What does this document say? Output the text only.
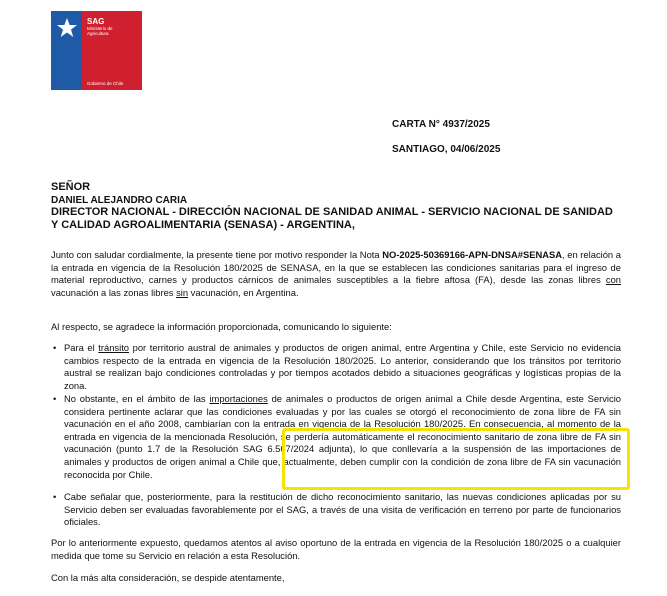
SAG
Ministerio de
Agricultura
Gobierno de Chile
CARTA N° 4937/2025
SANTIAGO, 04/06/2025
SEÑOR
DANIEL ALEJANDRO CARIA
DIRECTOR NACIONAL - DIRECCIÓN NACIONAL DE SANIDAD ANIMAL - SERVICIO NACIONAL DE SANIDAD Y CALIDAD AGROALIMENTARIA (SENASA) - ARGENTINA,
Junto con saludar cordialmente, la presente tiene por motivo responder la Nota NO-2025-50369166-APN-DNSA#SENASA, en relación a la entrada en vigencia de la Resolución 180/2025 de SENASA, en la que se establecen las condiciones sanitarias para el ingreso de material reproductivo, carnes y productos cárnicos de animales susceptibles a la fiebre aftosa (FA), desde las zonas libres con vacunación a las zonas libres sin vacunación, en Argentina.
Al respecto, se agradece la información proporcionada, comunicando lo siguiente:
• Para el tránsito por territorio austral de animales y productos de origen animal, entre Argentina y Chile, este Servicio no evidencia cambios respecto de la entrada en vigencia de la Resolución 180/2025. Lo anterior, considerando que los tránsitos por territorio austral se realizan bajo condiciones controladas y por tiempos acotados debido a situaciones geográficas y logísticas propias de la zona.
• No obstante, en el ámbito de las importaciones de animales o productos de origen animal a Chile desde Argentina, este Servicio considera pertinente aclarar que las condiciones evaluadas y por las cuales se otorgó el reconocimiento de zona libre de FA sin vacunación en el año 2008, cambiarían con la entrada en vigencia de la Resolución 180/2025. En consecuencia, al momento de la entrada en vigencia de la mencionada Resolución, se perdería automáticamente el reconocimiento sanitario de zona libre de FA sin vacunación (punto 1.7 de la Resolución SAG 6.567/2024 adjunta), lo que conllevaría a la suspensión de las importaciones de animales y productos de origen animal a Chile que, actualmente, deben cumplir con la condición de zona libre de FA sin vacunación reconocida por Chile.
• Cabe señalar que, posteriormente, para la restitución de dicho reconocimiento sanitario, las nuevas condiciones aplicadas por su Servicio deben ser evaluadas favorablemente por el SAG, a través de una visita de verificación en terreno por parte de funcionarios oficiales.
Por lo anteriormente expuesto, quedamos atentos al aviso oportuno de la entrada en vigencia de la Resolución 180/2025 o a cualquier medida que tome su Servicio en relación a esta Resolución.
Con la más alta consideración, se despide atentamente,
